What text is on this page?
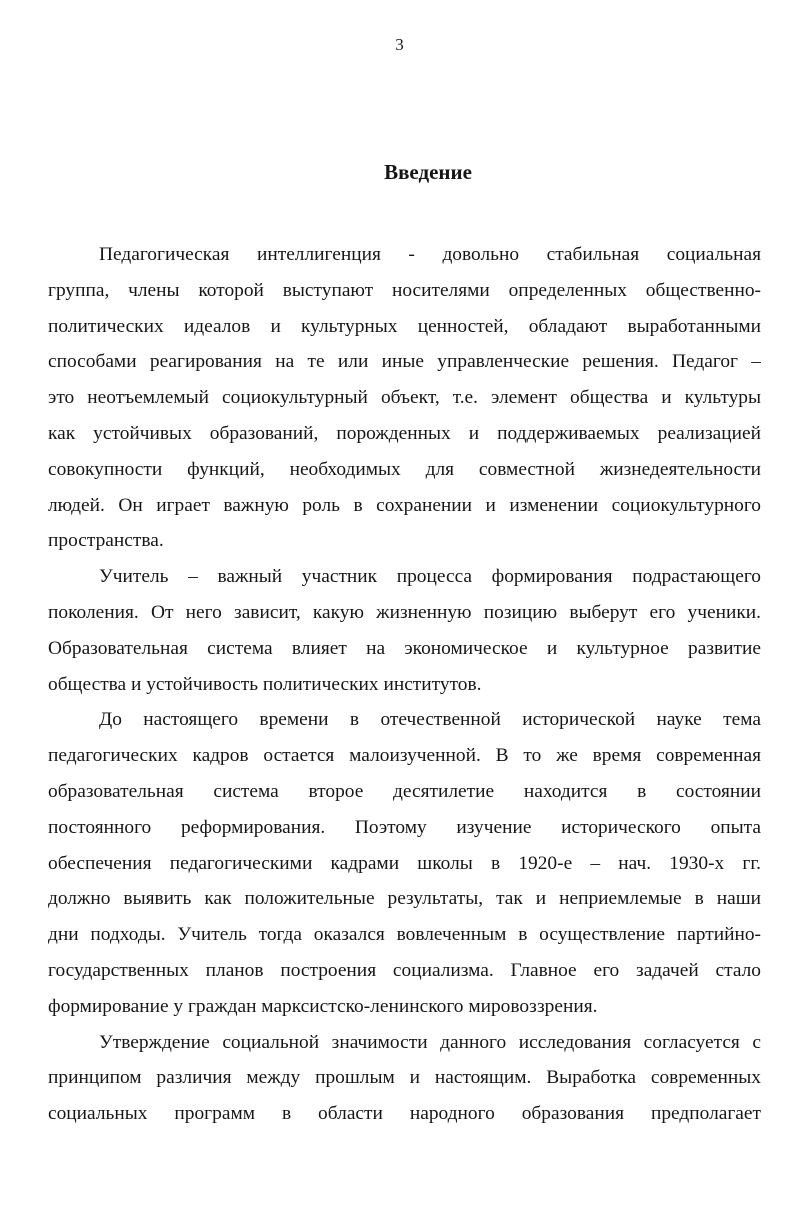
3
Введение

Педагогическая интеллигенция - довольно стабильная социальная
группа, члены которой выступают носителями определенных общественно-
политических идеалов и культурных ценностей, обладают выработанными
способами реагирования на те или иные управленческие решения. Педагог –
это неотъемлемый социокультурный объект, т.е. элемент общества и культуры
как устойчивых образований, порожденных и поддерживаемых реализацией
совокупности функций, необходимых для совместной жизнедеятельности
людей. Он играет важную роль в сохранении и изменении социокультурного
пространства.

Учитель – важный участник процесса формирования подрастающего
поколения. От него зависит, какую жизненную позицию выберут его ученики.
Образовательная система влияет на экономическое и культурное развитие
общества и устойчивость политических институтов.

До настоящего времени в отечественной исторической науке тема
педагогических кадров остается малоизученной. В то же время современная
образовательная система второе десятилетие находится в состоянии
постоянного реформирования. Поэтому изучение исторического опыта
обеспечения педагогическими кадрами школы в 1920-е – нач. 1930-х гг.
должно выявить как положительные результаты, так и неприемлемые в наши
дни подходы. Учитель тогда оказался вовлеченным в осуществление партийно-
государственных планов построения социализма. Главное его задачей стало
формирование у граждан марксистско-ленинского мировоззрения.

Утверждение социальной значимости данного исследования согласуется с
принципом различия между прошлым и настоящим. Выработка современных
социальных программ в области народного образования предполагает
